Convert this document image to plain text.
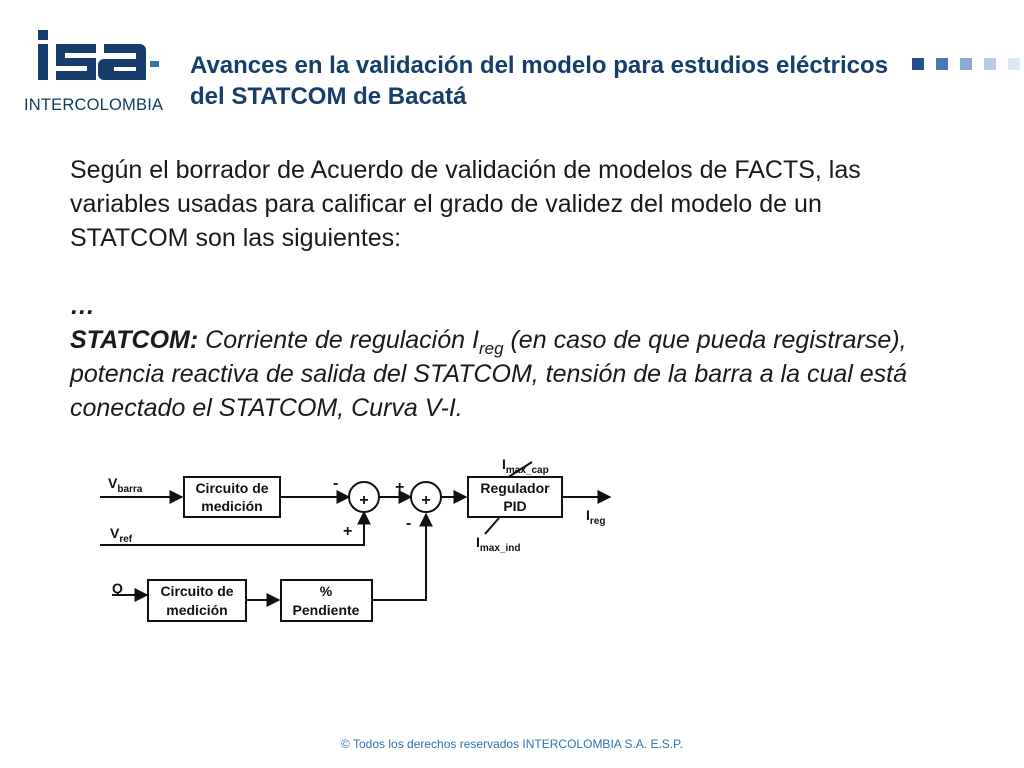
INTERCOLOMBIA
Avances en la validación del modelo para estudios eléctricos del STATCOM de Bacatá

Según el borrador de Acuerdo de validación de modelos de FACTS, las variables usadas para calificar el grado de validez del modelo de un STATCOM son las siguientes:

…
STATCOM: Corriente de regulación $I_{reg}$ (en caso de que pueda registrarse), potencia reactiva de salida del STATCOM, tensión de la barra a la cual está conectado el STATCOM, Curva V-I.

$V_{barra}$
$V_{ref}$
Q
Circuito de
medición
Circuito de
medición
%
Pendiente
Regulador
PID
+	+
-
+
+
-
$I_{max\_cap}$
$I_{max\_ind}$
$I_{reg}$
© Todos los derechos reservados INTERCOLOMBIA S.A. E.S.P.
